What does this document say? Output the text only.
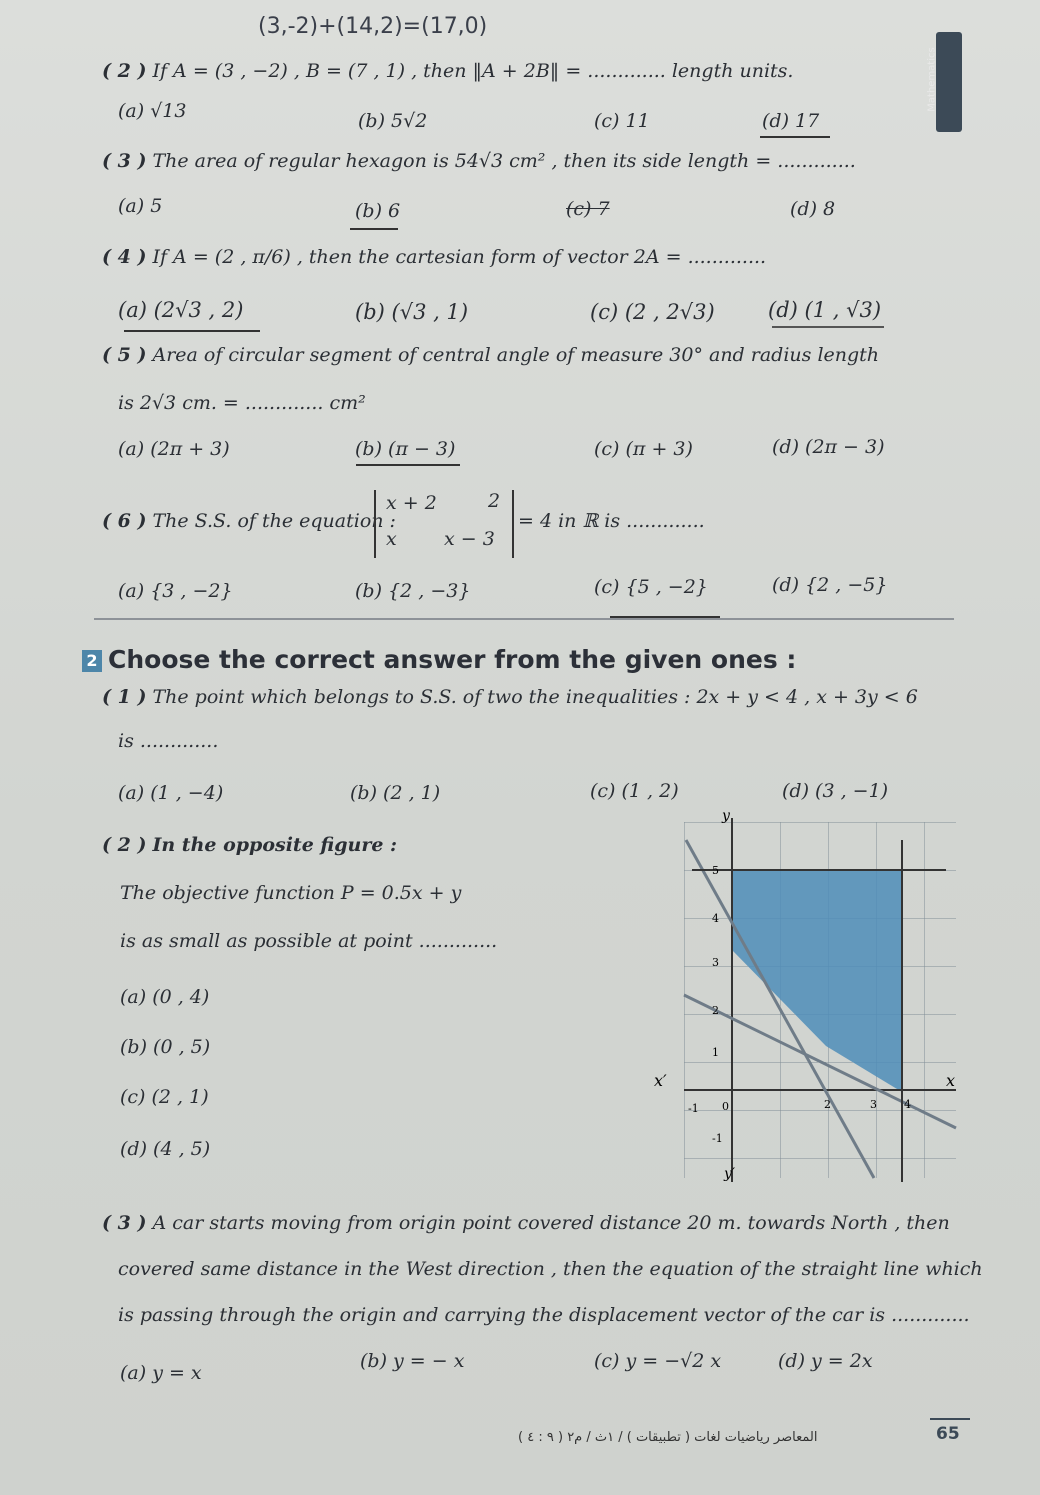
(3,-2)+(14,2)=(17,0)
Mathematics
( 2 ) If A = (3 , −2) , B = (7 , 1) , then ‖A + 2B‖ = ............. length units.
(a) √13	(b) 5√2	(c) 11	(d) 17
( 3 ) The area of regular hexagon is 54√3 cm² , then its side length = .............
(a) 5	(b) 6	(c) 7	(d) 8
( 4 ) If A = (2 , π/6) , then the cartesian form of vector 2A = .............
(a) (2√3 , 2)	(b) (√3 , 1)	(c) (2 , 2√3)	(d) (1 , √3)
( 5 ) Area of circular segment of central angle of measure 30° and radius length
is 2√3 cm. = ............. cm²
(a) (2π + 3)	(b) (π − 3)	(c) (π + 3)	(d) (2π − 3)
( 6 ) The S.S. of the equation :
x + 2	2
x x − 3
= 4 in ℝ is .............
(a) {3 , −2}	(b) {2 , −3}	(c) {5 , −2}	(d) {2 , −5}
2 Choose the correct answer from the given ones :
( 1 ) The point which belongs to S.S. of two the inequalities : 2x + y < 4 , x + 3y < 6
is .............
(a) (1 , −4)	(b) (2 , 1)	(c) (1 , 2)	(d) (3 , −1)
( 2 ) In the opposite figure :
The objective function P = 0.5x + y
is as small as possible at point .............
(a) (0 , 4)
(b) (0 , 5)
(c) (2 , 1)
(d) (4 , 5)
y
y′
x
x′
-1 0	2	3 4
5
4
3
2
1
-1
( 3 ) A car starts moving from origin point covered distance 20 m. towards North , then
covered same distance in the West direction , then the equation of the straight line which
is passing through the origin and carrying the displacement vector of the car is .............
(a) y = x
(b) y = − x	(c) y = −√2 x	(d) y = 2x
المعاصر رياضيات لغات ( تطبيقات ) / ١ث / م٢ ( ٩ : ٤ )	65
